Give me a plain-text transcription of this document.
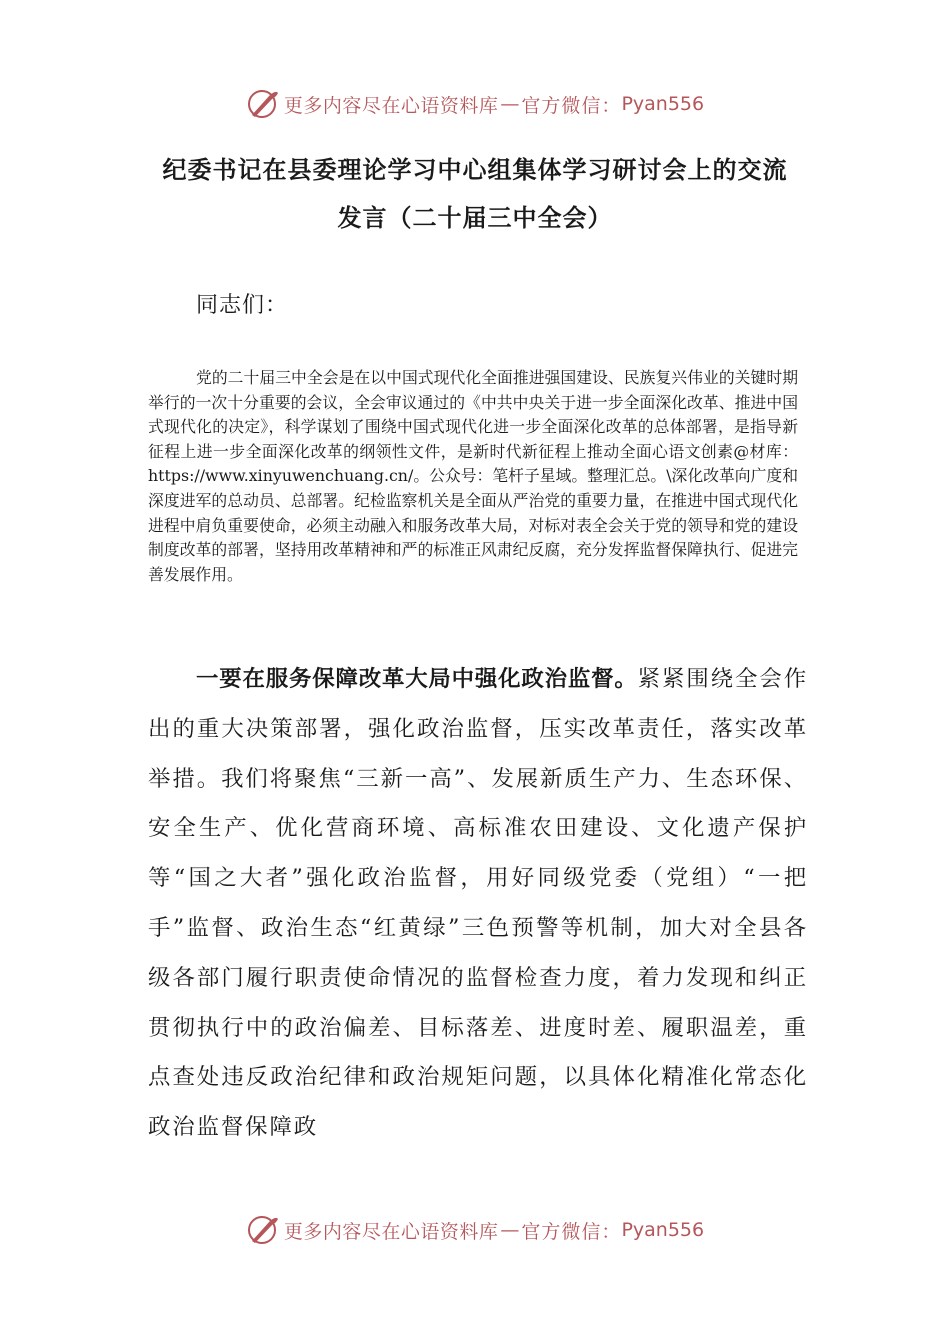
更多内容尽在心语资料库 — 官方微信： Pyan556
纪委书记在县委理论学习中心组集体学习研讨会上的交流
发言（二十届三中全会）
同志们：

党的二十届三中全会是在以中国式现代化全面推进强国建设、民族复兴伟业的关键时期举行的一次十分重要的会议，全会审议通过的《中共中央关于进一步全面深化改革、推进中国式现代化的决定》，科学谋划了围绕中国式现代化进一步全面深化改革的总体部署，是指导新征程上进一步全面深化改革的纲领性文件，是新时代新征程上推动全面心语文创素@材库：https://www.xinyuwenchuang.cn/。公众号：笔杆子星域。整理汇总。\深化改革向广度和深度进军的总动员、总部署。纪检监察机关是全面从严治党的重要力量，在推进中国式现代化进程中肩负重要使命，必须主动融入和服务改革大局，对标对表全会关于党的领导和党的建设制度改革的部署，坚持用改革精神和严的标准正风肃纪反腐，充分发挥监督保障执行、促进完善发展作用。

一要在服务保障改革大局中强化政治监督。紧紧围绕全会作出的重大决策部署，强化政治监督，压实改革责任，落实改革举措。我们将聚焦“三新一高”、发展新质生产力、生态环保、安全生产、优化营商环境、高标准农田建设、文化遗产保护等“国之大者”强化政治监督，用好同级党委（党组）“一把手”监督、政治生态“红黄绿”三色预警等机制，加大对全县各级各部门履行职责使命情况的监督检查力度，着力发现和纠正贯彻执行中的政治偏差、目标落差、进度时差、履职温差，重点查处违反政治纪律和政治规矩问题，以具体化精准化常态化政治监督保障政

更多内容尽在心语资料库 — 官方微信： Pyan556
